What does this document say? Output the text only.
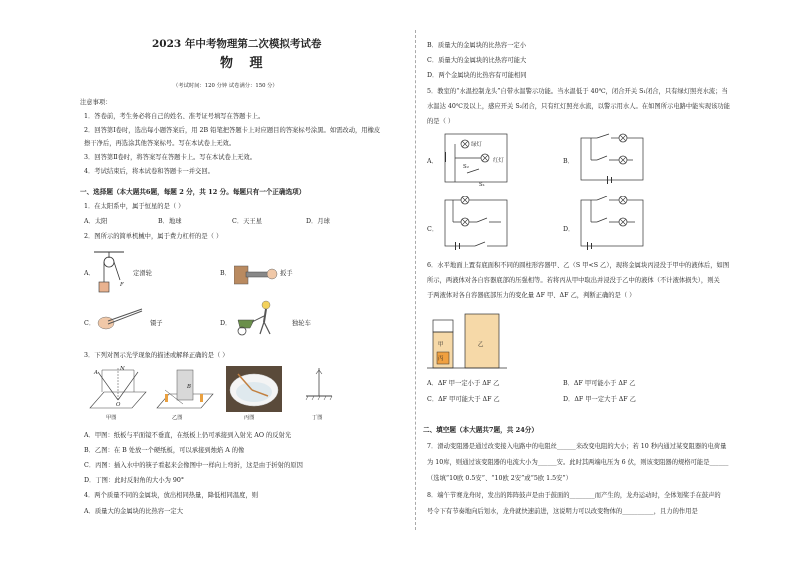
2023 年中考物理第二次模拟考试卷
物 理
（考试时间：120 分钟 试卷满分：150 分）
注意事项：
1．答卷前，考生务必将自己的姓名、准考证号填写在答题卡上。
2．回答第Ⅰ卷时，选出每小题答案后，用 2B 铅笔把答题卡上对应题目的答案标号涂黑。如需改动，用橡皮
擦干净后，再选涂其他答案标号。写在本试卷上无效。
3．回答第Ⅱ卷时，将答案写在答题卡上。写在本试卷上无效。
4．考试结束后，将本试卷和答题卡一并交回。
一、选择题（本大题共6题，每题 2 分，共 12 分。每题只有一个正确选项）
1．在太阳系中，属于恒星的是（ ）
A．太阳	B．地球	C．天王星	D．月球
2．图所示的简单机械中，属于费力杠杆的是（ ）
A．
F
定滑轮	B．	扳手
C．	镊子	D．	独轮车
3．下列对图示光学现象的描述或解释正确的是（ ）
A
N
O
甲图
B
乙图	丙图	丁图
A．甲图：纸板与平面镜不垂直，在纸板上仍可承接到入射光 AO 的反射光
B．乙图：在 B 处放一个硬纸板，可以承接到烛焰 A 的像
C．丙图：插入水中的筷子看起来会像图中一样向上弯折，这是由于折射的原因
D．丁图：此时反射角的大小为 90°
4．两个质量不同的金属块，放出相同热量，降低相同温度，则
A．质量大的金属块的比热容一定大
B．质量大的金属块的比热容一定小
C．质量大的金属块的比热容可能大
D．两个金属块的比热容有可能相同
5．教室的“水温控制龙头”自带水温警示功能。当水温低于 40℃，闭合开关 S₁闭合，只有绿灯照亮水流；当
水温达 40℃及以上，感应开关 S₂闭合，只有红灯照亮水流，以警示用水人。在如图所示电路中能实现该功能
的是（ ）
A．
绿灯
红灯
S₂
S₁
B．
C．	D．
6．水平地面上置有底面积不同的圆柱形容器甲、乙（S 甲<S 乙），现将金属块丙浸没于甲中的液体后，如图
所示，两液体对各自容器底部的压强相等。若将丙从甲中取出并浸没于乙中的液体（不计液体损失），则关
于两液体对各自容器底部压力的变化量 ΔF 甲、ΔF 乙，判断正确的是（ ）
甲
丙
乙
A．ΔF 甲一定小于 ΔF 乙	B．ΔF 甲可能小于 ΔF 乙
C．ΔF 甲可能大于 ΔF 乙	D．ΔF 甲一定大于 ΔF 乙
二、填空题（本大题共7题，共 24分）
7．滑动变阻器是通过改变接入电路中的电阻丝______来改变电阻的大小；若 10 秒内通过某变阻器的电荷量
为 10库，则通过该变阻器的电流大小为______安。此时其两端电压为 6 伏，则该变阻器的规格可能是______
（选填“10欧 0.5安”、“10欧 2安”或“5欧 1.5安”）
8．端午节赛龙舟时，发出的阵阵鼓声是由于鼓面的________而产生的，龙舟运动时，全体划桨手在鼓声的
号令下有节奏地向后划水，龙舟就快速前进，这说明力可以改变物体的__________，且力的作用是
